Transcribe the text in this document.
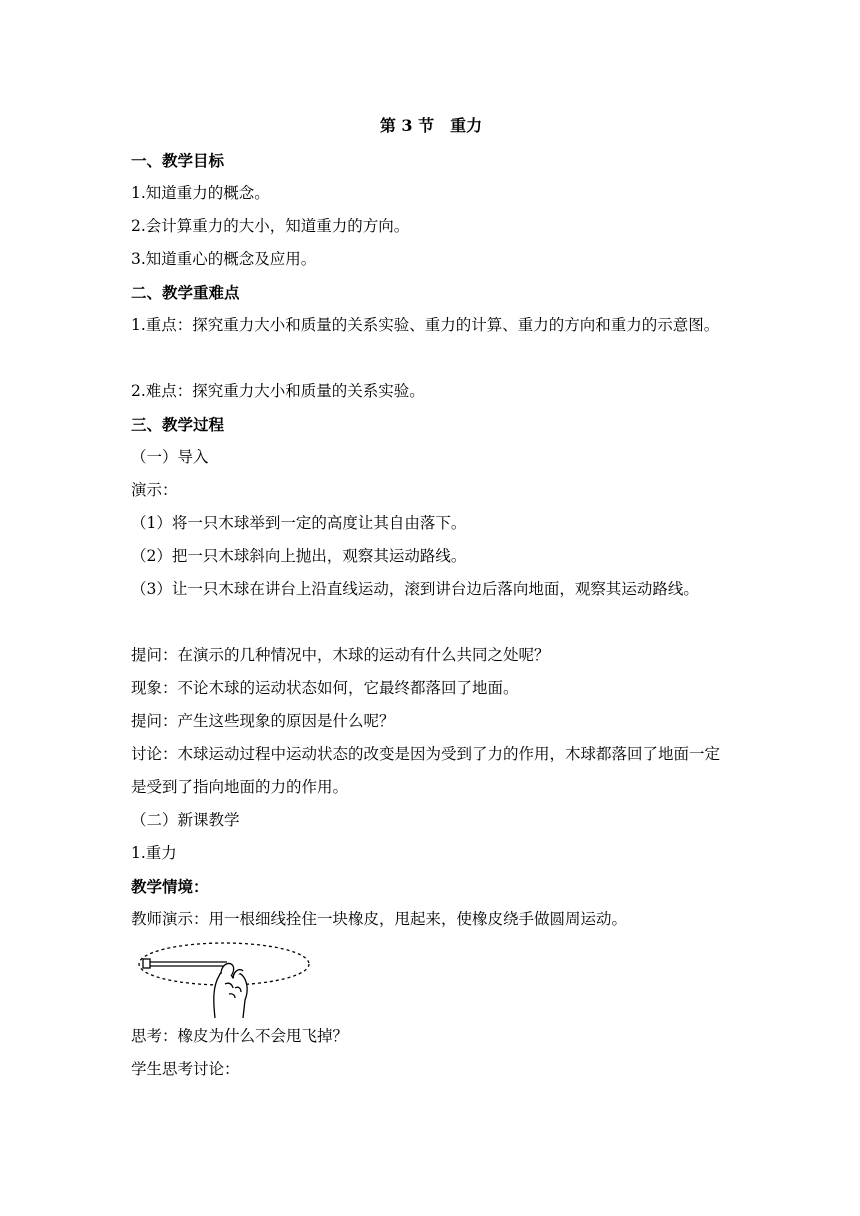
第 3 节　重力
一、教学目标
1.知道重力的概念。
2.会计算重力的大小，知道重力的方向。
3.知道重心的概念及应用。
二、教学重难点
1.重点：探究重力大小和质量的关系实验、重力的计算、重力的方向和重力的示意图。
2.难点：探究重力大小和质量的关系实验。
三、教学过程
（一）导入
演示：
（1）将一只木球举到一定的高度让其自由落下。
（2）把一只木球斜向上抛出，观察其运动路线。
（3）让一只木球在讲台上沿直线运动，滚到讲台边后落向地面，观察其运动路线。
提问：在演示的几种情况中，木球的运动有什么共同之处呢？
现象：不论木球的运动状态如何，它最终都落回了地面。
提问：产生这些现象的原因是什么呢？
讨论：木球运动过程中运动状态的改变是因为受到了力的作用，木球都落回了地面一定是受到了指向地面的力的作用。
（二）新课教学
1.重力
教学情境：
教师演示：用一根细线拴住一块橡皮，甩起来，使橡皮绕手做圆周运动。
思考：橡皮为什么不会甩飞掉？
学生思考讨论：
